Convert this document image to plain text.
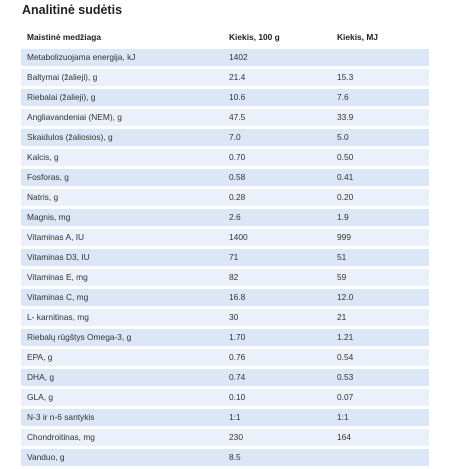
Analitinė sudėtis
Maistinė medžiaga	Kiekis, 100 g	Kiekis, MJ
Metabolizuojama energija, kJ	1402	
Baltymai (žalieji), g	21.4	15.3
Riebalai (žalieji), g	10.6	7.6
Angliavandeniai (NEM), g	47.5	33.9
Skaidulos (žaliosios), g	7.0	5.0
Kalcis, g	0.70	0.50
Fosforas, g	0.58	0.41
Natris, g	0.28	0.20
Magnis, mg	2.6	1.9
Vitaminas A, IU	1400	999
Vitaminas D3, IU	71	51
Vitaminas E, mg	82	59
Vitaminas C, mg	16.8	12.0
L- karnitinas, mg	30	21
Riebalų rūgštys Omega-3, g	1.70	1.21
EPA, g	0.76	0.54
DHA, g	0.74	0.53
GLA, g	0.10	0.07
N-3 ir n-6 santykis	1:1	1:1
Chondroitinas, mg	230	164
Vanduo, g	8.5	
